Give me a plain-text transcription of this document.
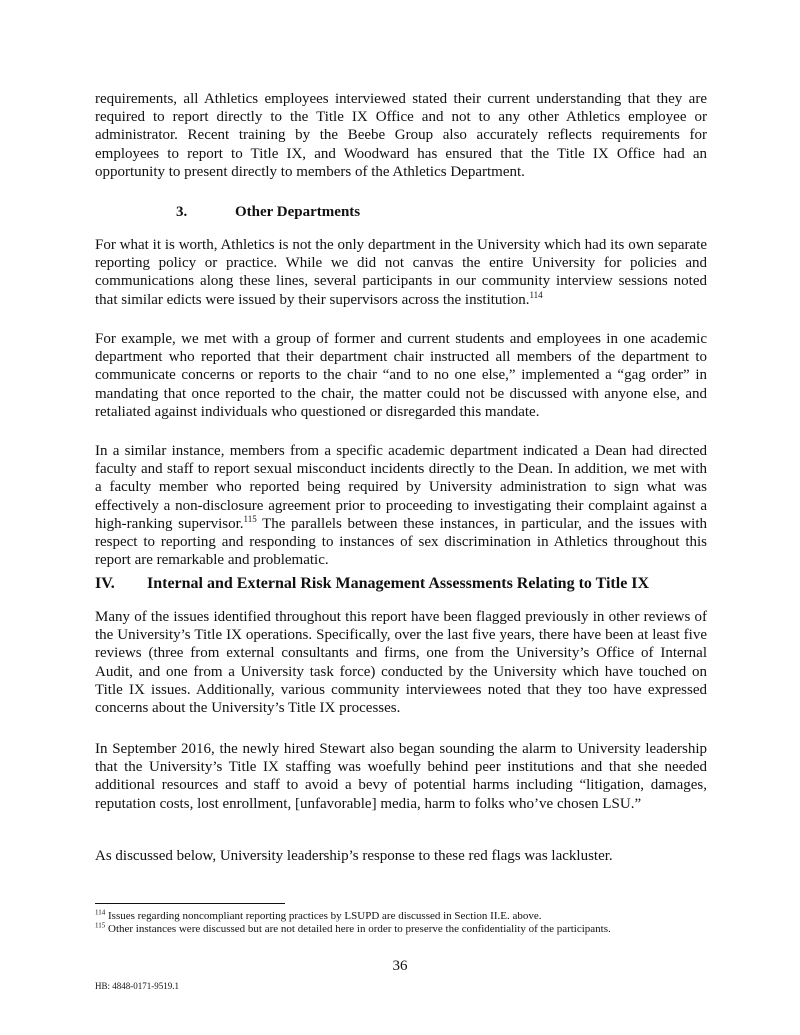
requirements, all Athletics employees interviewed stated their current understanding that they are required to report directly to the Title IX Office and not to any other Athletics employee or administrator. Recent training by the Beebe Group also accurately reflects requirements for employees to report to Title IX, and Woodward has ensured that the Title IX Office had an opportunity to present directly to members of the Athletics Department.

3.	Other Departments

For what it is worth, Athletics is not the only department in the University which had its own separate reporting policy or practice. While we did not canvas the entire University for policies and communications along these lines, several participants in our community interview sessions noted that similar edicts were issued by their supervisors across the institution.$^{114}$

For example, we met with a group of former and current students and employees in one academic department who reported that their department chair instructed all members of the department to communicate concerns or reports to the chair “and to no one else,” implemented a “gag order” in mandating that once reported to the chair, the matter could not be discussed with anyone else, and retaliated against individuals who questioned or disregarded this mandate.

In a similar instance, members from a specific academic department indicated a Dean had directed faculty and staff to report sexual misconduct incidents directly to the Dean. In addition, we met with a faculty member who reported being required by University administration to sign what was effectively a non-disclosure agreement prior to proceeding to investigating their complaint against a high-ranking supervisor.$^{115}$ The parallels between these instances, in particular, and the issues with respect to reporting and responding to instances of sex discrimination in Athletics throughout this report are remarkable and problematic.

IV. Internal and External Risk Management Assessments Relating to Title IX

Many of the issues identified throughout this report have been flagged previously in other reviews of the University’s Title IX operations. Specifically, over the last five years, there have been at least five reviews (three from external consultants and firms, one from the University’s Office of Internal Audit, and one from a University task force) conducted by the University which have touched on Title IX issues. Additionally, various community interviewees noted that they too have expressed concerns about the University’s Title IX processes.

In September 2016, the newly hired Stewart also began sounding the alarm to University leadership that the University’s Title IX staffing was woefully behind peer institutions and that she needed additional resources and staff to avoid a bevy of potential harms including “litigation, damages, reputation costs, lost enrollment, [unfavorable] media, harm to folks who’ve chosen LSU.”

As discussed below, University leadership’s response to these red flags was lackluster.

$^{114}$ Issues regarding noncompliant reporting practices by LSUPD are discussed in Section II.E. above.
$^{115}$ Other instances were discussed but are not detailed here in order to preserve the confidentiality of the participants.
36
HB: 4848-0171-9519.1
